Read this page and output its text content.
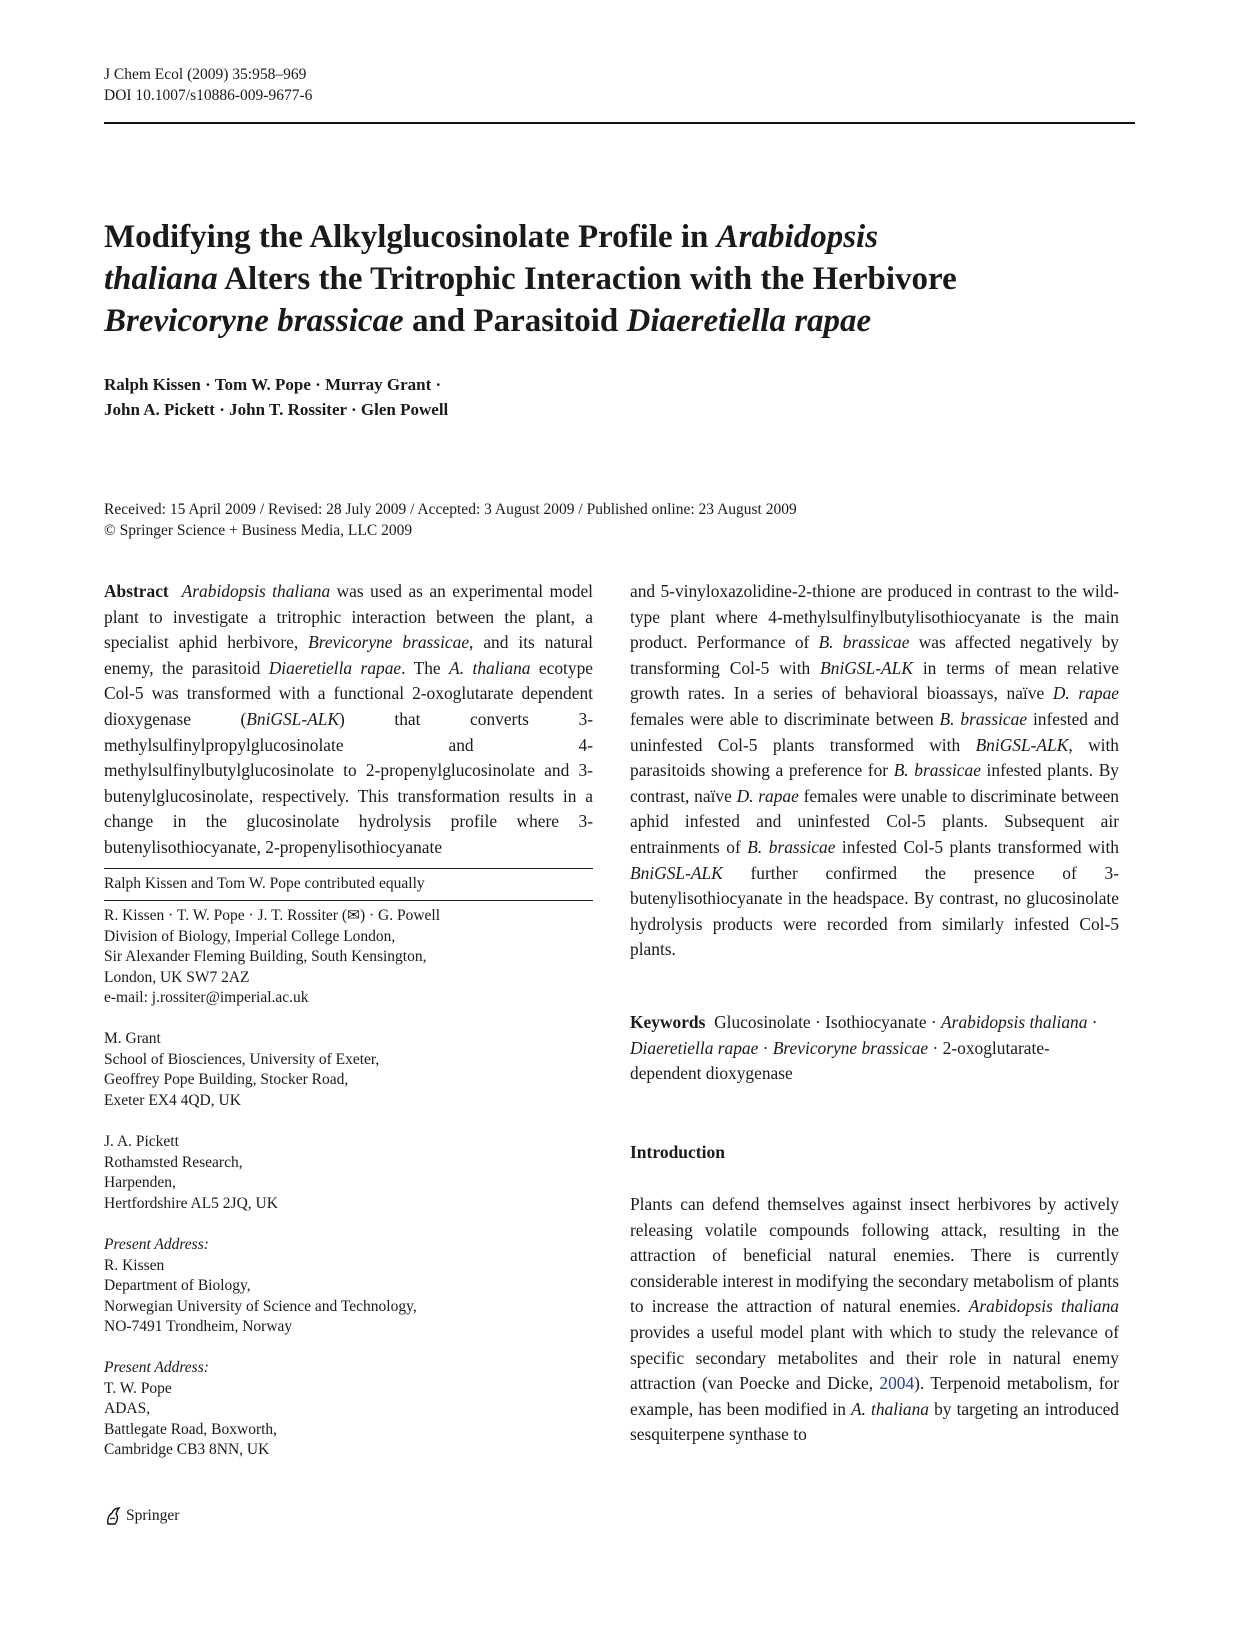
J Chem Ecol (2009) 35:958–969
DOI 10.1007/s10886-009-9677-6
Modifying the Alkylglucosinolate Profile in Arabidopsis
thaliana Alters the Tritrophic Interaction with the Herbivore
Brevicoryne brassicae and Parasitoid Diaeretiella rapae
Ralph Kissen · Tom W. Pope · Murray Grant ·
John A. Pickett · John T. Rossiter · Glen Powell
Received: 15 April 2009 / Revised: 28 July 2009 / Accepted: 3 August 2009 / Published online: 23 August 2009
© Springer Science + Business Media, LLC 2009
Abstract Arabidopsis thaliana was used as an experimental model plant to investigate a tritrophic interaction between the plant, a specialist aphid herbivore, Brevicoryne brassicae, and its natural enemy, the parasitoid Diaeretiella rapae. The A. thaliana ecotype Col-5 was transformed with a functional 2-oxoglutarate dependent dioxygenase (BniGSL-ALK) that converts 3-methylsulfinylpropylglucosinolate and 4-methylsulfinylbutylglucosinolate to 2-propenylglucosinolate and 3-butenylglucosinolate, respectively. This transformation results in a change in the glucosinolate hydrolysis profile where 3-butenylisothiocyanate, 2-propenylisothiocyanate
Ralph Kissen and Tom W. Pope contributed equally
R. Kissen · T. W. Pope · J. T. Rossiter (✉) · G. Powell
Division of Biology, Imperial College London,
Sir Alexander Fleming Building, South Kensington,
London, UK SW7 2AZ
e-mail: j.rossiter@imperial.ac.uk
M. Grant
School of Biosciences, University of Exeter,
Geoffrey Pope Building, Stocker Road,
Exeter EX4 4QD, UK
J. A. Pickett
Rothamsted Research,
Harpenden,
Hertfordshire AL5 2JQ, UK
Present Address:
R. Kissen
Department of Biology,
Norwegian University of Science and Technology,
NO-7491 Trondheim, Norway
Present Address:
T. W. Pope
ADAS,
Battlegate Road, Boxworth,
Cambridge CB3 8NN, UK
and 5-vinyloxazolidine-2-thione are produced in contrast to the wild-type plant where 4-methylsulfinylbutylisothiocyanate is the main product. Performance of B. brassicae was affected negatively by transforming Col-5 with BniGSL-ALK in terms of mean relative growth rates. In a series of behavioral bioassays, naïve D. rapae females were able to discriminate between B. brassicae infested and uninfested Col-5 plants transformed with BniGSL-ALK, with parasitoids showing a preference for B. brassicae infested plants. By contrast, naïve D. rapae females were unable to discriminate between aphid infested and uninfested Col-5 plants. Subsequent air entrainments of B. brassicae infested Col-5 plants transformed with BniGSL-ALK further confirmed the presence of 3-butenylisothiocyanate in the headspace. By contrast, no glucosinolate hydrolysis products were recorded from similarly infested Col-5 plants.
Keywords Glucosinolate · Isothiocyanate · Arabidopsis thaliana · Diaeretiella rapae · Brevicoryne brassicae · 2-oxoglutarate-dependent dioxygenase
Introduction
Plants can defend themselves against insect herbivores by actively releasing volatile compounds following attack, resulting in the attraction of beneficial natural enemies. There is currently considerable interest in modifying the secondary metabolism of plants to increase the attraction of natural enemies. Arabidopsis thaliana provides a useful model plant with which to study the relevance of specific secondary metabolites and their role in natural enemy attraction (van Poecke and Dicke, 2004). Terpenoid metabolism, for example, has been modified in A. thaliana by targeting an introduced sesquiterpene synthase to
Springer
